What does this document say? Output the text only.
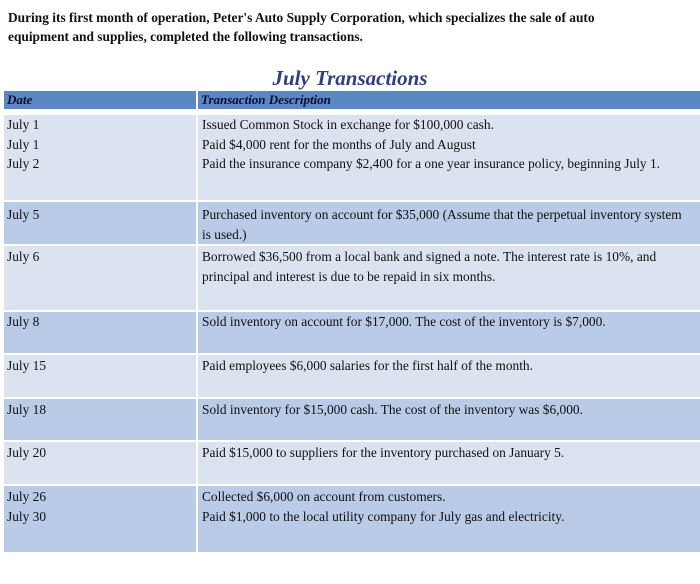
During its first month of operation, Peter's Auto Supply Corporation, which specializes the sale of auto
equipment and supplies, completed the following transactions.
July Transactions
Date
July 1
July 1
July 2
July 5
July 6
July 8
July 15
July 18
July 20
July 26
July 30
Transaction Description
Issued Common Stock in exchange for $100,000 cash.
Paid $4,000 rent for the months of July and August
Paid the insurance company $2,400 for a one year insurance policy, beginning July 1.
Purchased inventory on account for $35,000 (Assume that the perpetual inventory system is used.)
Borrowed $36,500 from a local bank and signed a note. The interest rate is 10%, and principal and interest is due to be repaid in six months.
Sold inventory on account for $17,000. The cost of the inventory is $7,000.
Paid employees $6,000 salaries for the first half of the month.
Sold inventory for $15,000 cash. The cost of the inventory was $6,000.
Paid $15,000 to suppliers for the inventory purchased on January 5.
Collected $6,000 on account from customers.
Paid $1,000 to the local utility company for July gas and electricity.
